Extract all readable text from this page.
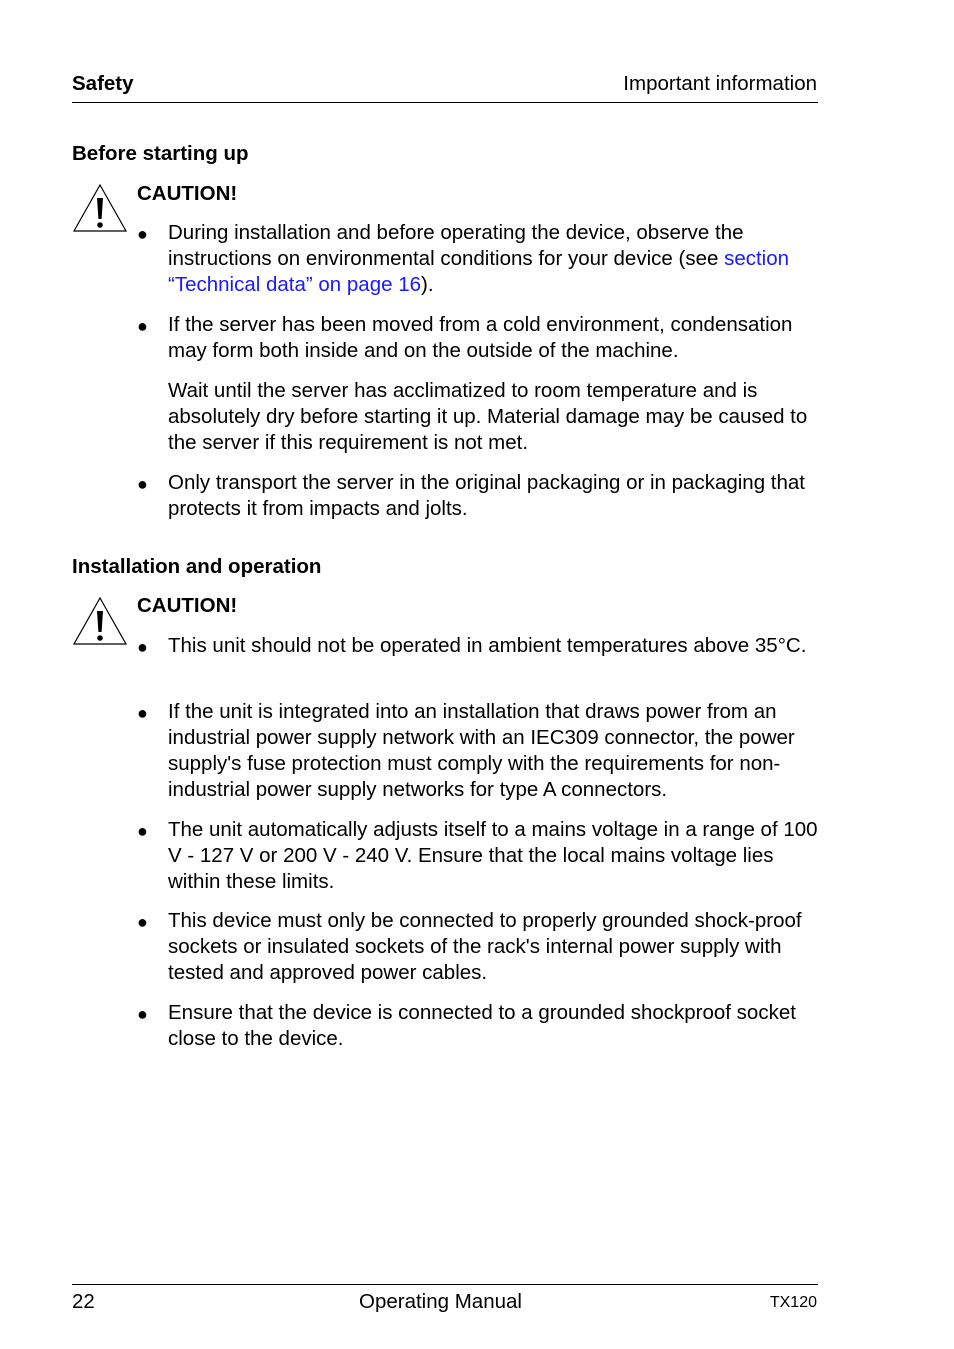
Safety	Important information
Before starting up
CAUTION!
● During installation and before operating the device, observe the instructions on environmental conditions for your device (see section “Technical data” on page 16).
● If the server has been moved from a cold environment, condensation may form both inside and on the outside of the machine.
Wait until the server has acclimatized to room temperature and is absolutely dry before starting it up. Material damage may be caused to the server if this requirement is not met.
● Only transport the server in the original packaging or in packaging that protects it from impacts and jolts.
Installation and operation
CAUTION!
● This unit should not be operated in ambient temperatures above 35°C.
● If the unit is integrated into an installation that draws power from an industrial power supply network with an IEC309 connector, the power supply's fuse protection must comply with the requirements for non-industrial power supply networks for type A connectors.
● The unit automatically adjusts itself to a mains voltage in a range of 100 V - 127 V or 200 V - 240 V. Ensure that the local mains voltage lies within these limits.
● This device must only be connected to properly grounded shock-proof sockets or insulated sockets of the rack's internal power supply with tested and approved power cables.
● Ensure that the device is connected to a grounded shockproof socket close to the device.
22	Operating Manual	TX120
